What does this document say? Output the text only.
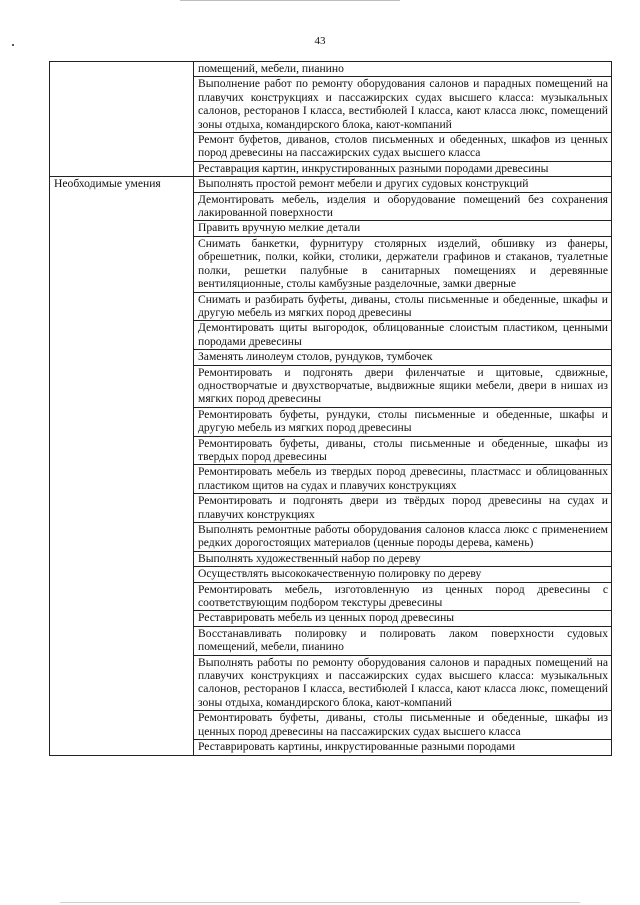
43
	помещений, мебели, пианино
	Выполнение работ по ремонту оборудования салонов и парадных помещений на плавучих конструкциях и пассажирских судах высшего класса: музыкальных салонов, ресторанов I класса, вестибюлей I класса, кают класса люкс, помещений зоны отдыха, командирского блока, кают-компаний
	Ремонт буфетов, диванов, столов письменных и обеденных, шкафов из ценных пород древесины на пассажирских судах высшего класса
	Реставрация картин, инкрустированных разными породами древесины
Необходимые умения	Выполнять простой ремонт мебели и других судовых конструкций
	Демонтировать мебель, изделия и оборудование помещений без сохранения лакированной поверхности
	Править вручную мелкие детали
	Снимать банкетки, фурнитуру столярных изделий, обшивку из фанеры, обрешетник, полки, койки, столики, держатели графинов и стаканов, туалетные полки, решетки палубные в санитарных помещениях и деревянные вентиляционные, столы камбузные разделочные, замки дверные
	Снимать и разбирать буфеты, диваны, столы письменные и обеденные, шкафы и другую мебель из мягких пород древесины
	Демонтировать щиты выгородок, облицованные слоистым пластиком, ценными породами древесины
	Заменять линолеум столов, рундуков, тумбочек
	Ремонтировать и подгонять двери филенчатые и щитовые, сдвижные, одностворчатые и двухстворчатые, выдвижные ящики мебели, двери в нишах из мягких пород древесины
	Ремонтировать буфеты, рундуки, столы письменные и обеденные, шкафы и другую мебель из мягких пород древесины
	Ремонтировать буфеты, диваны, столы письменные и обеденные, шкафы из твердых пород древесины
	Ремонтировать мебель из твердых пород древесины, пластмасс и облицованных пластиком щитов на судах и плавучих конструкциях
	Ремонтировать и подгонять двери из твёрдых пород древесины на судах и плавучих конструкциях
	Выполнять ремонтные работы оборудования салонов класса люкс с применением редких дорогостоящих материалов (ценные породы дерева, камень)
	Выполнять художественный набор по дереву
	Осуществлять высококачественную полировку по дереву
	Ремонтировать мебель, изготовленную из ценных пород древесины с соответствующим подбором текстуры древесины
	Реставрировать мебель из ценных пород древесины
	Восстанавливать полировку и полировать лаком поверхности судовых помещений, мебели, пианино
	Выполнять работы по ремонту оборудования салонов и парадных помещений на плавучих конструкциях и пассажирских судах высшего класса: музыкальных салонов, ресторанов I класса, вестибюлей I класса, кают класса люкс, помещений зоны отдыха, командирского блока, кают-компаний
	Ремонтировать буфеты, диваны, столы письменные и обеденные, шкафы из ценных пород древесины на пассажирских судах высшего класса
	Реставрировать картины, инкрустированные разными породами
